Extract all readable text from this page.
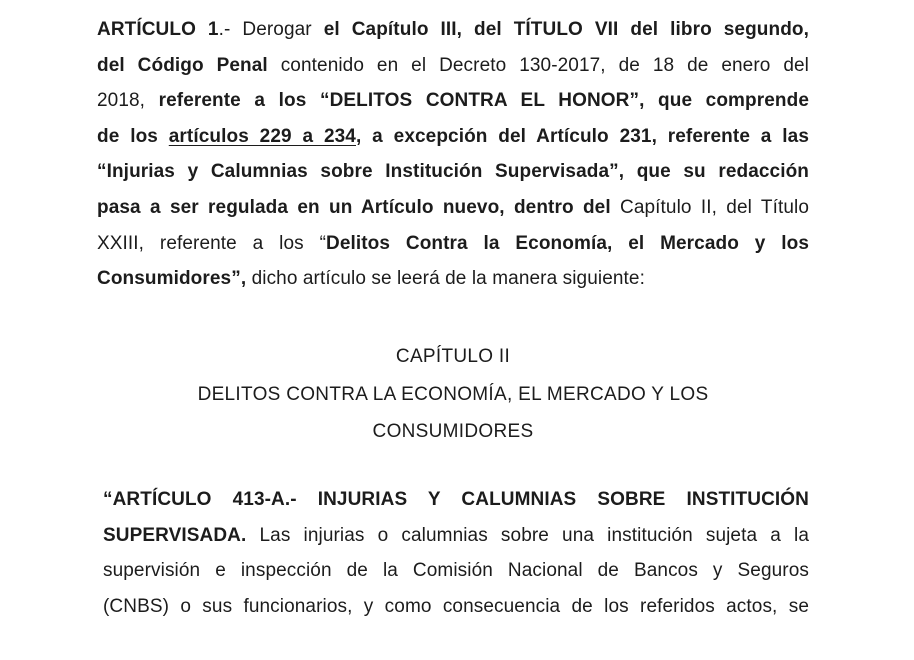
ARTÍCULO 1.- Derogar el Capítulo III, del TÍTULO VII del libro segundo,
del Código Penal contenido en el Decreto 130-2017, de 18 de enero del
2018, referente a los “DELITOS CONTRA EL HONOR”, que comprende
de los artículos 229 a 234, a excepción del Artículo 231, referente a las
“Injurias y Calumnias sobre Institución Supervisada”, que su redacción
pasa a ser regulada en un Artículo nuevo, dentro del Capítulo II, del Título
XXIII, referente a los “Delitos Contra la Economía, el Mercado y los
Consumidores”, dicho artículo se leerá de la manera siguiente:

CAPÍTULO II

DELITOS CONTRA LA ECONOMÍA, EL MERCADO Y LOS

CONSUMIDORES

“ARTÍCULO 413-A.- INJURIAS Y CALUMNIAS SOBRE INSTITUCIÓN
SUPERVISADA. Las injurias o calumnias sobre una institución sujeta a la
supervisión e inspección de la Comisión Nacional de Bancos y Seguros
(CNBS) o sus funcionarios, y como consecuencia de los referidos actos, se
